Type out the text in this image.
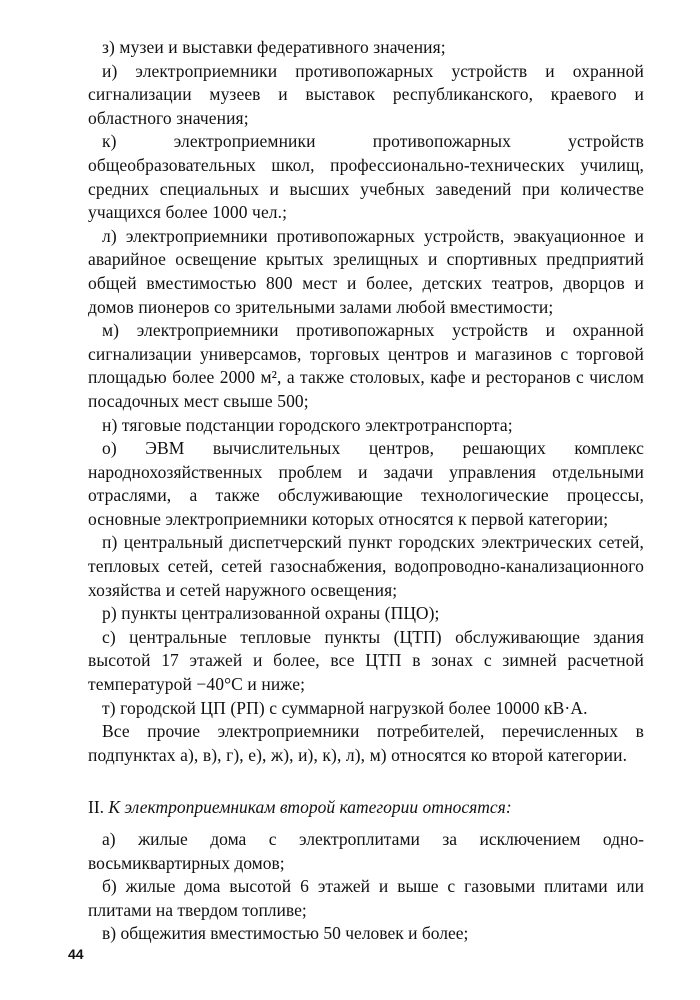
з) музеи и выставки федеративного значения;

и) электроприемники противопожарных устройств и охранной сигнализации музеев и выставок республиканского, краевого и областного значения;

к) электроприемники противопожарных устройств общеобразовательных школ, профессионально-технических училищ, средних специальных и высших учебных заведений при количестве учащихся более 1000 чел.;

л) электроприемники противопожарных устройств, эвакуационное и аварийное освещение крытых зрелищных и спортивных предприятий общей вместимостью 800 мест и более, детских театров, дворцов и домов пионеров со зрительными залами любой вместимости;

м) электроприемники противопожарных устройств и охранной сигнализации универсамов, торговых центров и магазинов с торговой площадью более 2000 м², а также столовых, кафе и ресторанов с числом посадочных мест свыше 500;

н) тяговые подстанции городского электротранспорта;

о) ЭВМ вычислительных центров, решающих комплекс народнохозяйственных проблем и задачи управления отдельными отраслями, а также обслуживающие технологические процессы, основные электроприемники которых относятся к первой категории;

п) центральный диспетчерский пункт городских электрических сетей, тепловых сетей, сетей газоснабжения, водопроводно-канализационного хозяйства и сетей наружного освещения;

р) пункты централизованной охраны (ПЦО);

с) центральные тепловые пункты (ЦТП) обслуживающие здания высотой 17 этажей и более, все ЦТП в зонах с зимней расчетной температурой −40°С и ниже;

т) городской ЦП (РП) с суммарной нагрузкой более 10000 кВ·А.

Все прочие электроприемники потребителей, перечисленных в подпунктах а), в), г), е), ж), и), к), л), м) относятся ко второй категории.

II. К электроприемникам второй категории относятся:

а) жилые дома с электроплитами за исключением одно-восьмиквартирных домов;

б) жилые дома высотой 6 этажей и выше с газовыми плитами или плитами на твердом топливе;

в) общежития вместимостью 50 человек и более;

44
